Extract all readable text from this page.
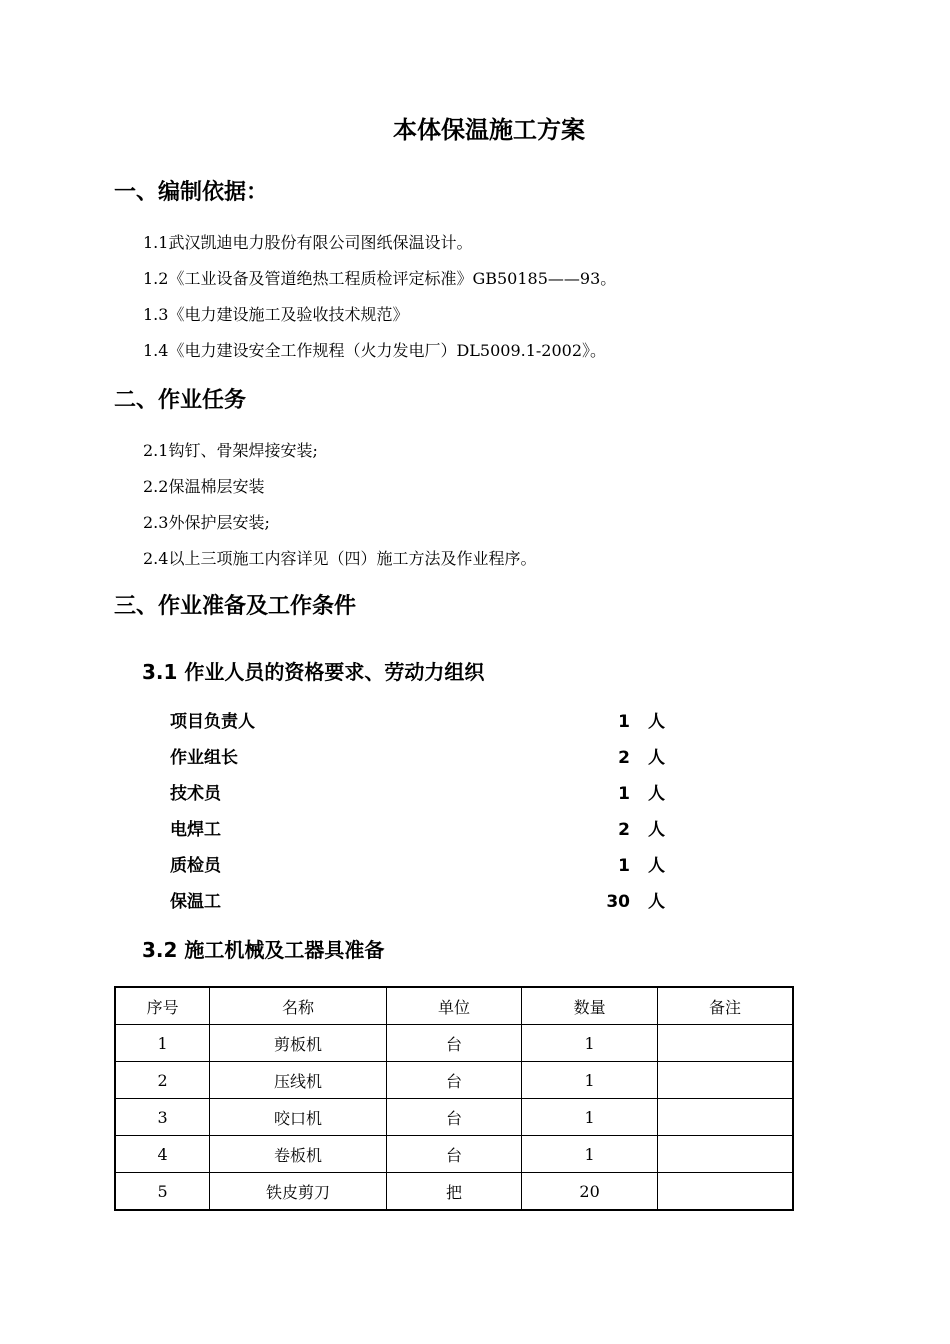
本体保温施工方案
一、编制依据：

1.1武汉凯迪电力股份有限公司图纸保温设计。

1.2《工业设备及管道绝热工程质检评定标准》GB50185——93。

1.3《电力建设施工及验收技术规范》

1.4《电力建设安全工作规程（火力发电厂）DL5009.1-2002》。

二、作业任务

2.1钩钉、骨架焊接安装;

2.2保温棉层安装

2.3外保护层安装;

2.4以上三项施工内容详见（四）施工方法及作业程序。

三、作业准备及工作条件
3.1 作业人员的资格要求、劳动力组织
项目负责人	1 人
作业组长	2 人
技术员	1 人
电焊工	2 人
质检员	1 人
保温工	30 人
3.2 施工机械及工器具准备
序号	名称	单位	数量	备注
1	剪板机	台	1	
2	压线机	台	1	
3	咬口机	台	1	
4	卷板机	台	1	
5	铁皮剪刀	把	20	
